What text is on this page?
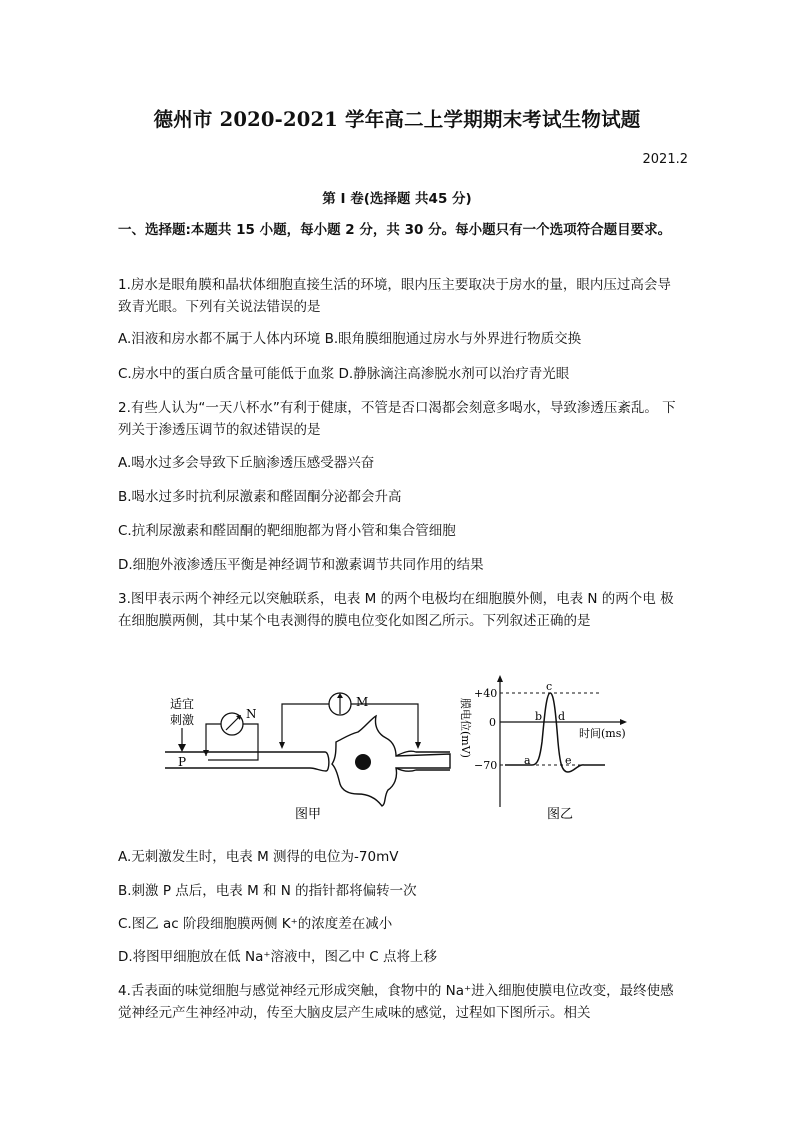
德州市 2020-2021 学年高二上学期期末考试生物试题
2021.2
第 I 卷(选择题 共45 分)
一、选择题:本题共 15 小题，每小题 2 分，共 30 分。每小题只有一个选项符合题目要求。
1.房水是眼角膜和晶状体细胞直接生活的环境，眼内压主要取决于房水的量，眼内压过高会导致青光眼。下列有关说法错误的是
A.泪液和房水都不属于人体内环境 B.眼角膜细胞通过房水与外界进行物质交换
C.房水中的蛋白质含量可能低于血浆 D.静脉滴注高渗脱水剂可以治疗青光眼
2.有些人认为“一天八杯水”有利于健康，不管是否口渴都会刻意多喝水，导致渗透压紊乱。 下列关于渗透压调节的叙述错误的是
A.喝水过多会导致下丘脑渗透压感受器兴奋
B.喝水过多时抗利尿激素和醛固酮分泌都会升高
C.抗利尿激素和醛固酮的靶细胞都为肾小管和集合管细胞
D.细胞外液渗透压平衡是神经调节和激素调节共同作用的结果
3.图甲表示两个神经元以突触联系，电表 M 的两个电极均在细胞膜外侧，电表 N 的两个电 极在细胞膜两侧，其中某个电表测得的膜电位变化如图乙所示。下列叙述正确的是
适宜
刺激
P
N
M
图甲
时间(ms)
膜电位(mV)
+40
0
−70 a
b
c
d
e
图乙
A.无刺激发生时，电表 M 测得的电位为-70mV
B.刺激 P 点后，电表 M 和 N 的指针都将偏转一次
C.图乙 ac 阶段细胞膜两侧 K⁺的浓度差在减小
D.将图甲细胞放在低 Na⁺溶液中，图乙中 C 点将上移
4.舌表面的味觉细胞与感觉神经元形成突触，食物中的 Na⁺进入细胞使膜电位改变，最终使感觉神经元产生神经冲动，传至大脑皮层产生咸味的感觉，过程如下图所示。相关
